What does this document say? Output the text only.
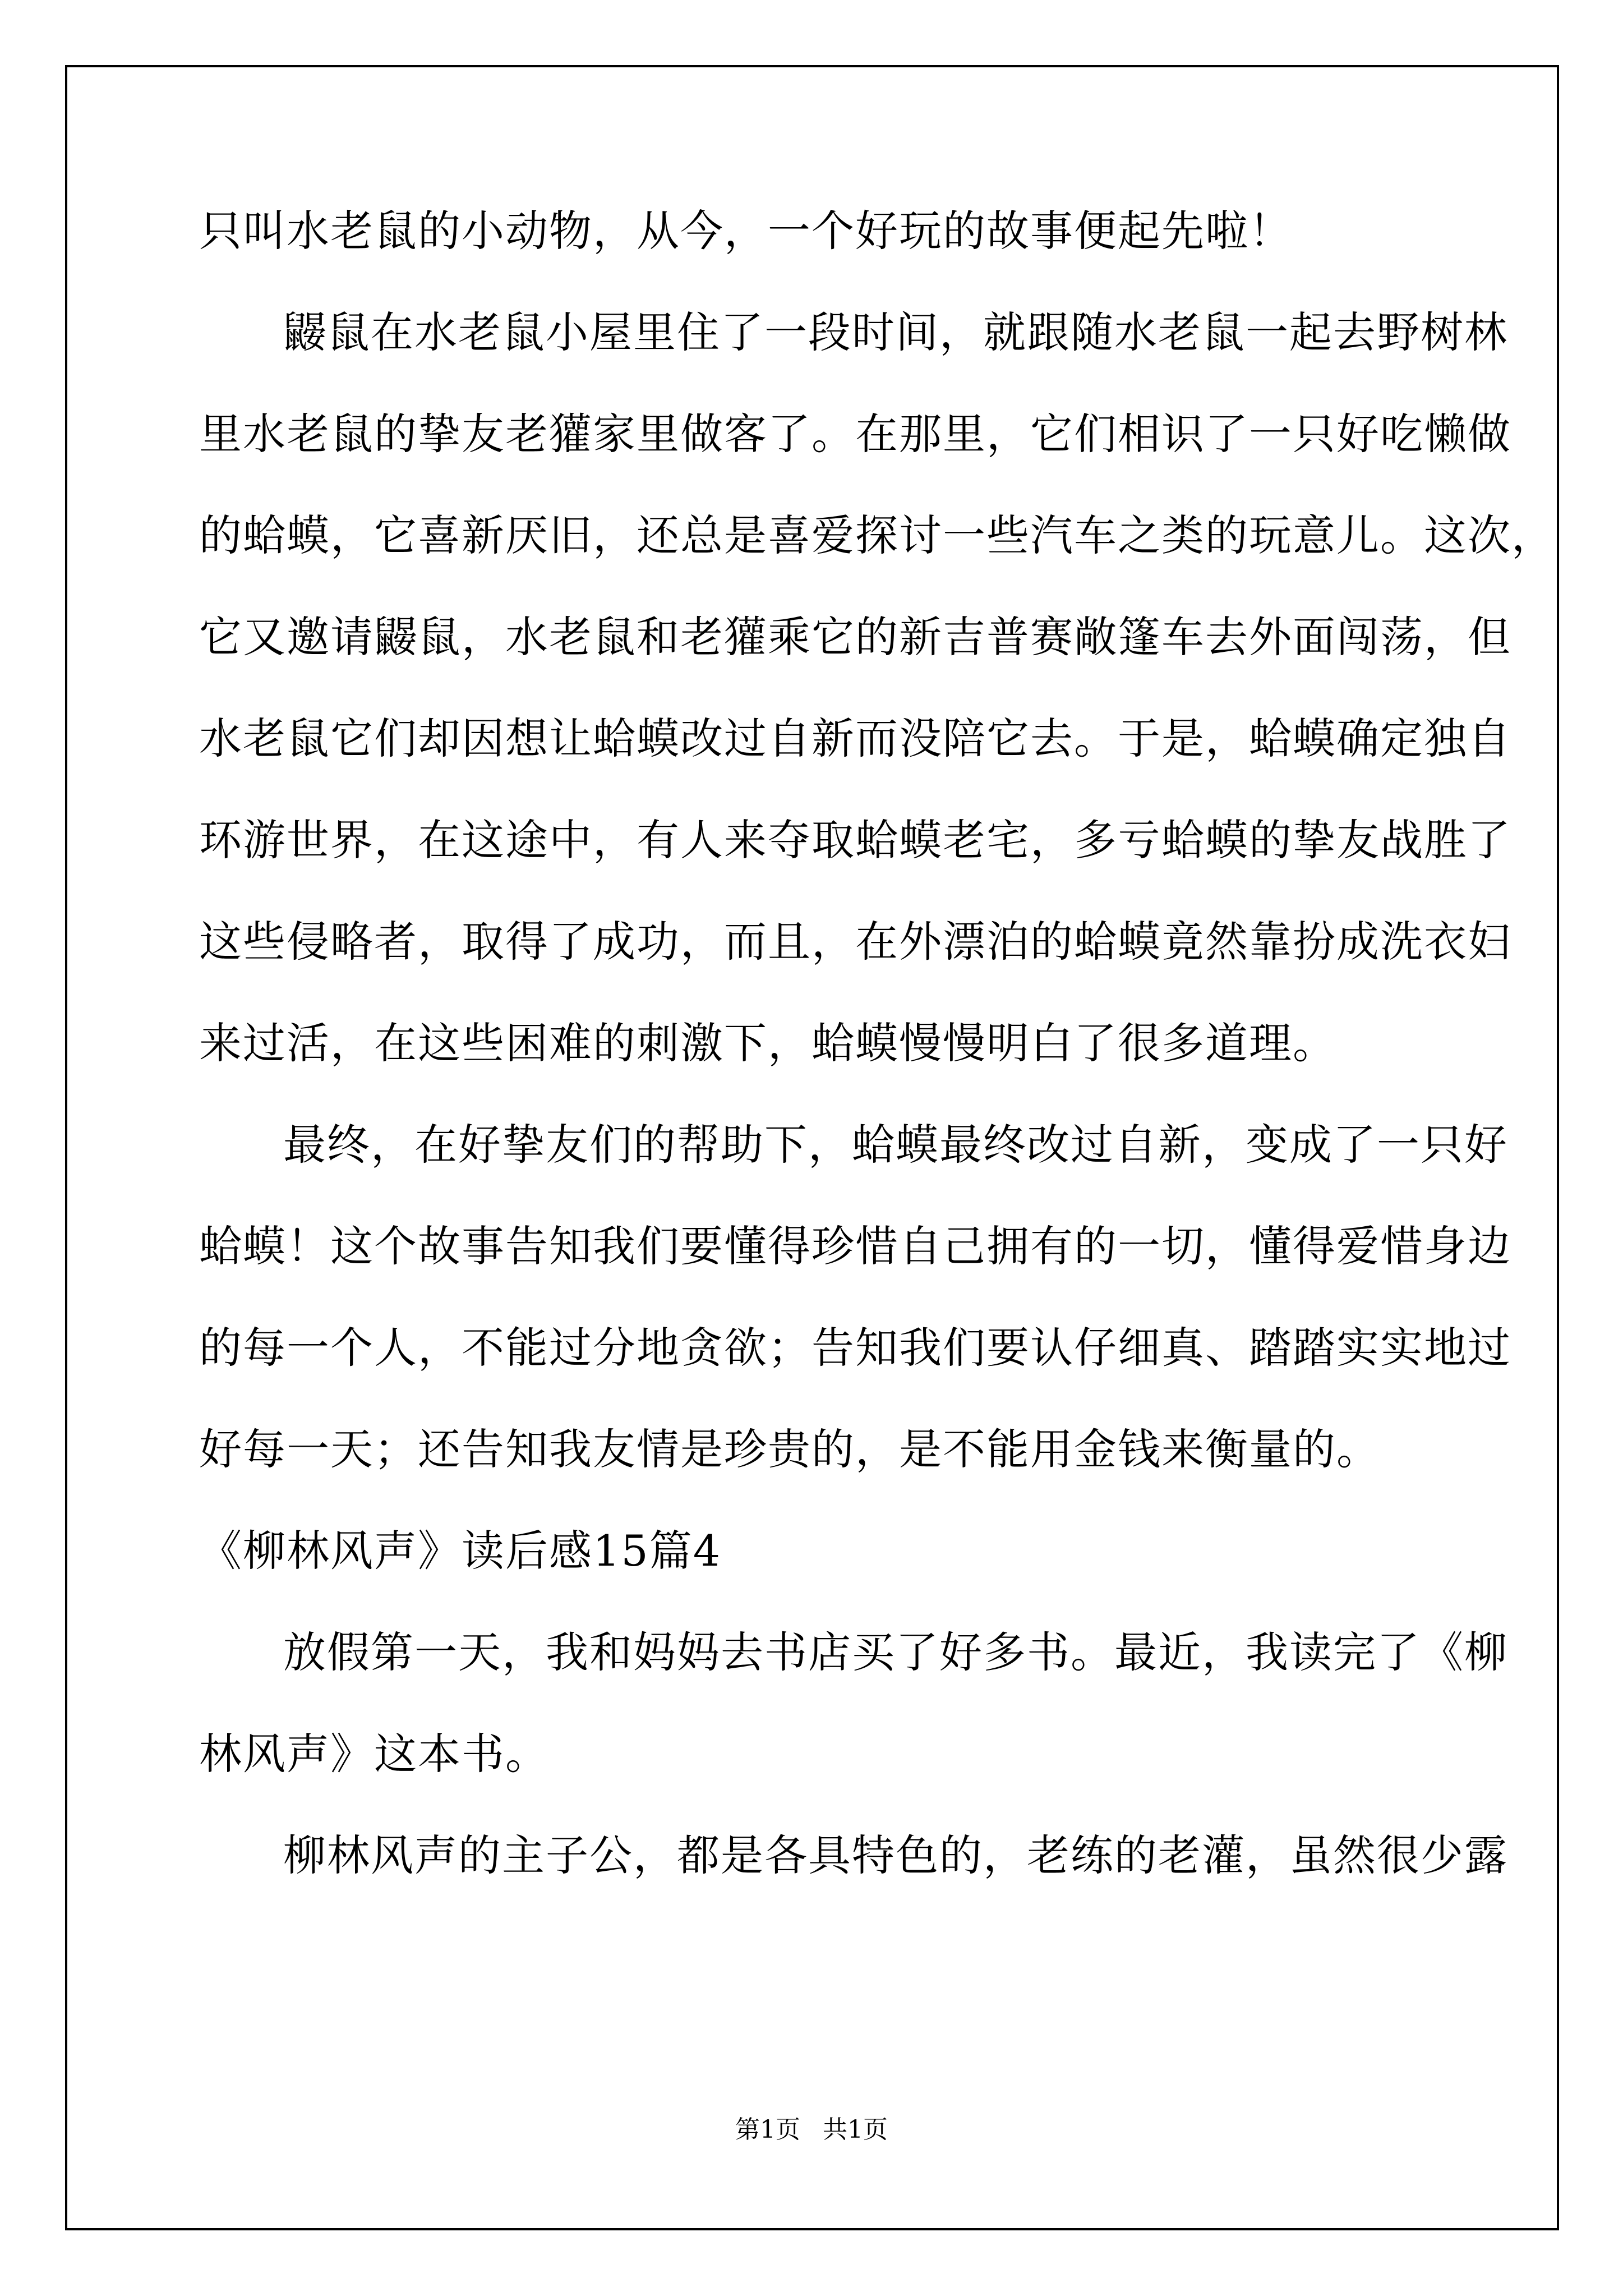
只叫水老鼠的小动物，从今，一个好玩的故事便起先啦！
鼹鼠在水老鼠小屋里住了一段时间，就跟随水老鼠一起去野树林
里水老鼠的挚友老獾家里做客了。在那里，它们相识了一只好吃懒做
的蛤蟆，它喜新厌旧，还总是喜爱探讨一些汽车之类的玩意儿。这次，
它又邀请鼹鼠，水老鼠和老獾乘它的新吉普赛敞篷车去外面闯荡，但
水老鼠它们却因想让蛤蟆改过自新而没陪它去。于是，蛤蟆确定独自
环游世界，在这途中，有人来夺取蛤蟆老宅，多亏蛤蟆的挚友战胜了
这些侵略者，取得了成功，而且，在外漂泊的蛤蟆竟然靠扮成洗衣妇
来过活，在这些困难的刺激下，蛤蟆慢慢明白了很多道理。
最终，在好挚友们的帮助下，蛤蟆最终改过自新，变成了一只好
蛤蟆！这个故事告知我们要懂得珍惜自己拥有的一切，懂得爱惜身边
的每一个人，不能过分地贪欲；告知我们要认仔细真、踏踏实实地过
好每一天；还告知我友情是珍贵的，是不能用金钱来衡量的。
《柳林风声》读后感15篇4
放假第一天，我和妈妈去书店买了好多书。最近，我读完了《柳
林风声》这本书。
柳林风声的主子公，都是各具特色的，老练的老灌，虽然很少露
第1页 共1页
